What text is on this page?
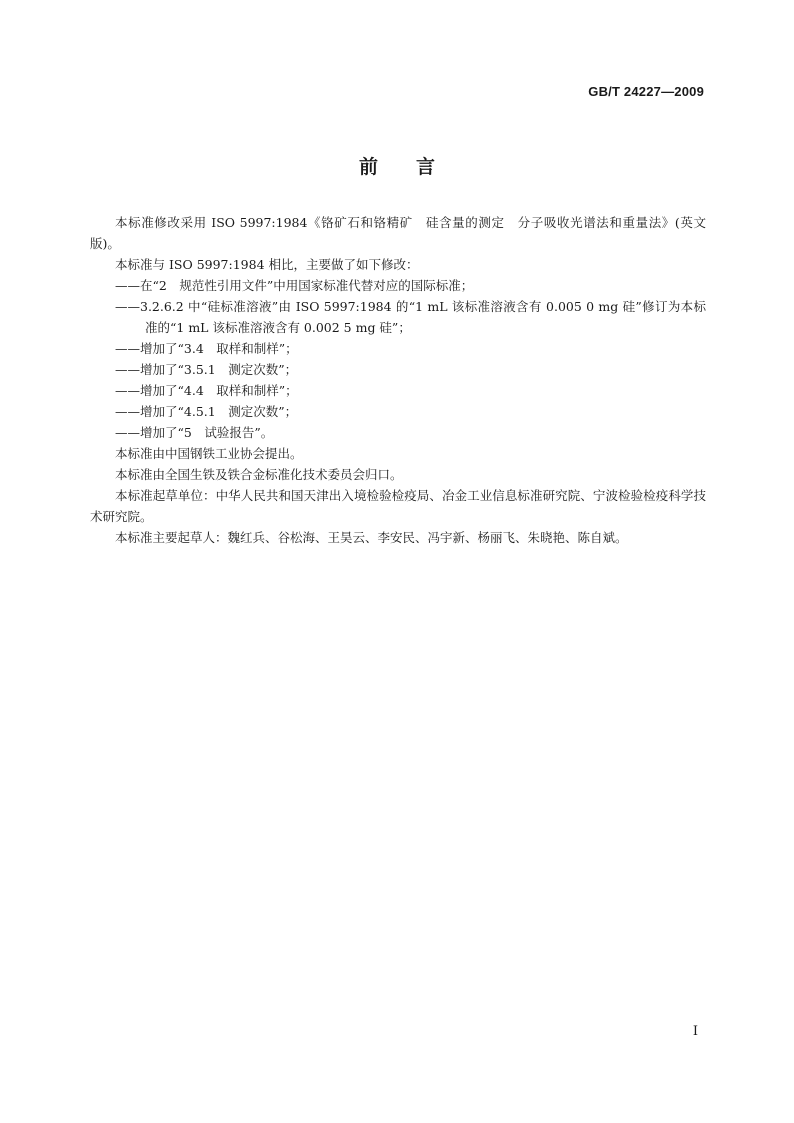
GB/T 24227—2009
前 言

本标准修改采用 ISO 5997:1984《铬矿石和铬精矿　硅含量的测定　分子吸收光谱法和重量法》(英文版)。

本标准与 ISO 5997:1984 相比，主要做了如下修改：

——在“2　规范性引用文件”中用国家标准代替对应的国际标准；

——3.2.6.2 中“硅标准溶液”由 ISO 5997:1984 的“1 mL 该标准溶液含有 0.005 0 mg 硅”修订为本标准的“1 mL 该标准溶液含有 0.002 5 mg 硅”；

——增加了“3.4　取样和制样”；

——增加了“3.5.1　测定次数”；

——增加了“4.4　取样和制样”；

——增加了“4.5.1　测定次数”；

——增加了“5　试验报告”。

本标准由中国钢铁工业协会提出。

本标准由全国生铁及铁合金标准化技术委员会归口。

本标准起草单位：中华人民共和国天津出入境检验检疫局、冶金工业信息标准研究院、宁波检验检疫科学技术研究院。

本标准主要起草人：魏红兵、谷松海、王昊云、李安民、冯宇新、杨丽飞、朱晓艳、陈自斌。

I
